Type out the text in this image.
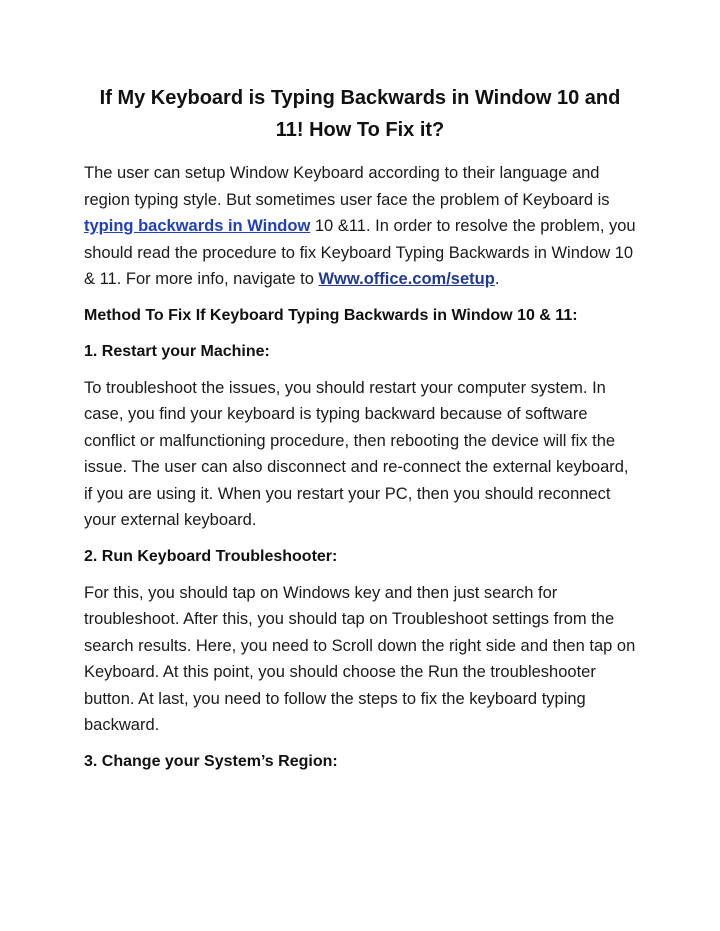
If My Keyboard is Typing Backwards in Window 10 and 11! How To Fix it?

The user can setup Window Keyboard according to their language and region typing style. But sometimes user face the problem of Keyboard is typing backwards in Window 10 &11. In order to resolve the problem, you should read the procedure to fix Keyboard Typing Backwards in Window 10 & 11. For more info, navigate to Www.office.com/setup.

Method To Fix If Keyboard Typing Backwards in Window 10 & 11:

1. Restart your Machine:

To troubleshoot the issues, you should restart your computer system. In case, you find your keyboard is typing backward because of software conflict or malfunctioning procedure, then rebooting the device will fix the issue. The user can also disconnect and re-connect the external keyboard, if you are using it. When you restart your PC, then you should reconnect your external keyboard.

2. Run Keyboard Troubleshooter:

For this, you should tap on Windows key and then just search for troubleshoot. After this, you should tap on Troubleshoot settings from the search results. Here, you need to Scroll down the right side and then tap on Keyboard. At this point, you should choose the Run the troubleshooter button. At last, you need to follow the steps to fix the keyboard typing backward.

3. Change your System’s Region:
